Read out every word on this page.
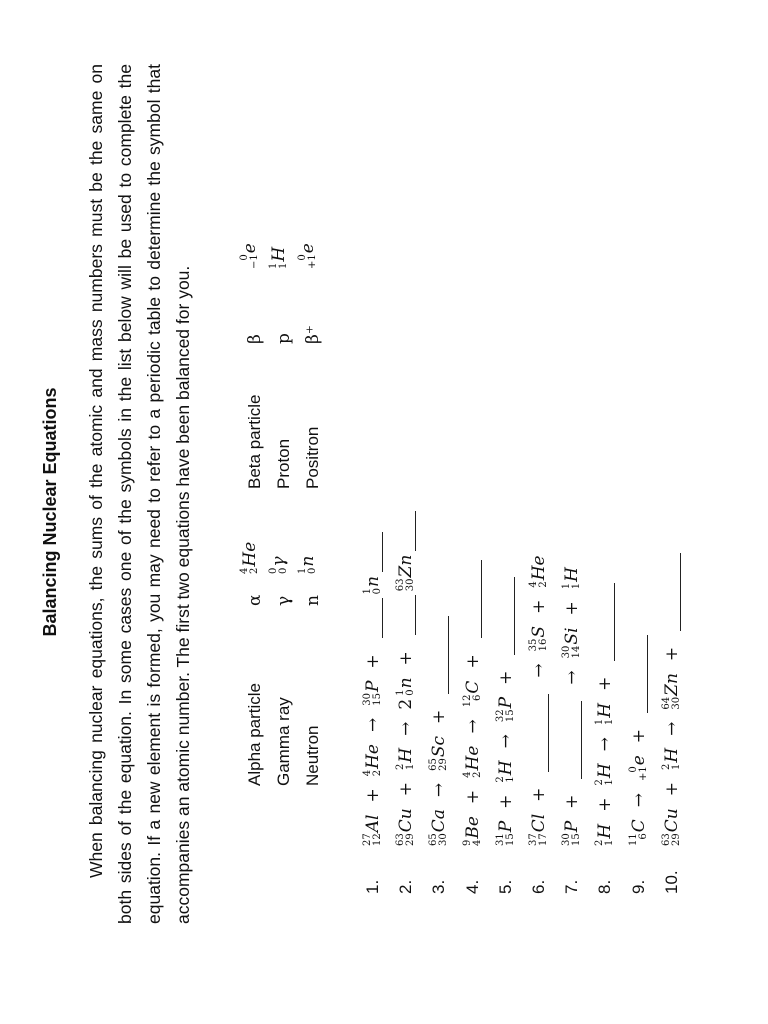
Balancing Nuclear Equations When balancing nuclear equations, the sums of the atomic and mass numbers must be the same on both sides of the equation. In some cases one of the symbols in the list below will be used to complete the equation. If a new element is formed, you may need to refer to a periodic table to determine the symbol that accompanies an atomic number. The first two equations have been balanced for you.	Alpha particle Gamma ray Neutron
α γ n
4 2
He
0 0
γ
1 0
n
Beta particle Proton Positron
β p β⁺
0 −1
e
1 1
H 0 +1
e
1.
27 12
Al
+
4 2
He
→
30 15
P
+
1 0
n
2.
63 29
Cu
+
2 1
H
→
2
1 0
n
+
63 30
Zn
3.
65 30
Ca
→
65 29
Sc
+
4.
9 4
Be
+
4 2
He
→
12 6
C
+
5.
31 15
P
+
2 1
H
→
32 15
P
+
6.
37 17
Cl
+
→
35 16
S
+
4 2
He
7.
30 15
P
+
→
30 14
Si
+
1 1
H
8.
2 1
H
+
2 1
H
→
1 1
H
+
9.
11 6
C
→
0 +1
e
+
10.
63 29
Cu
+
2 1
H
→
64 30
Zn
+
